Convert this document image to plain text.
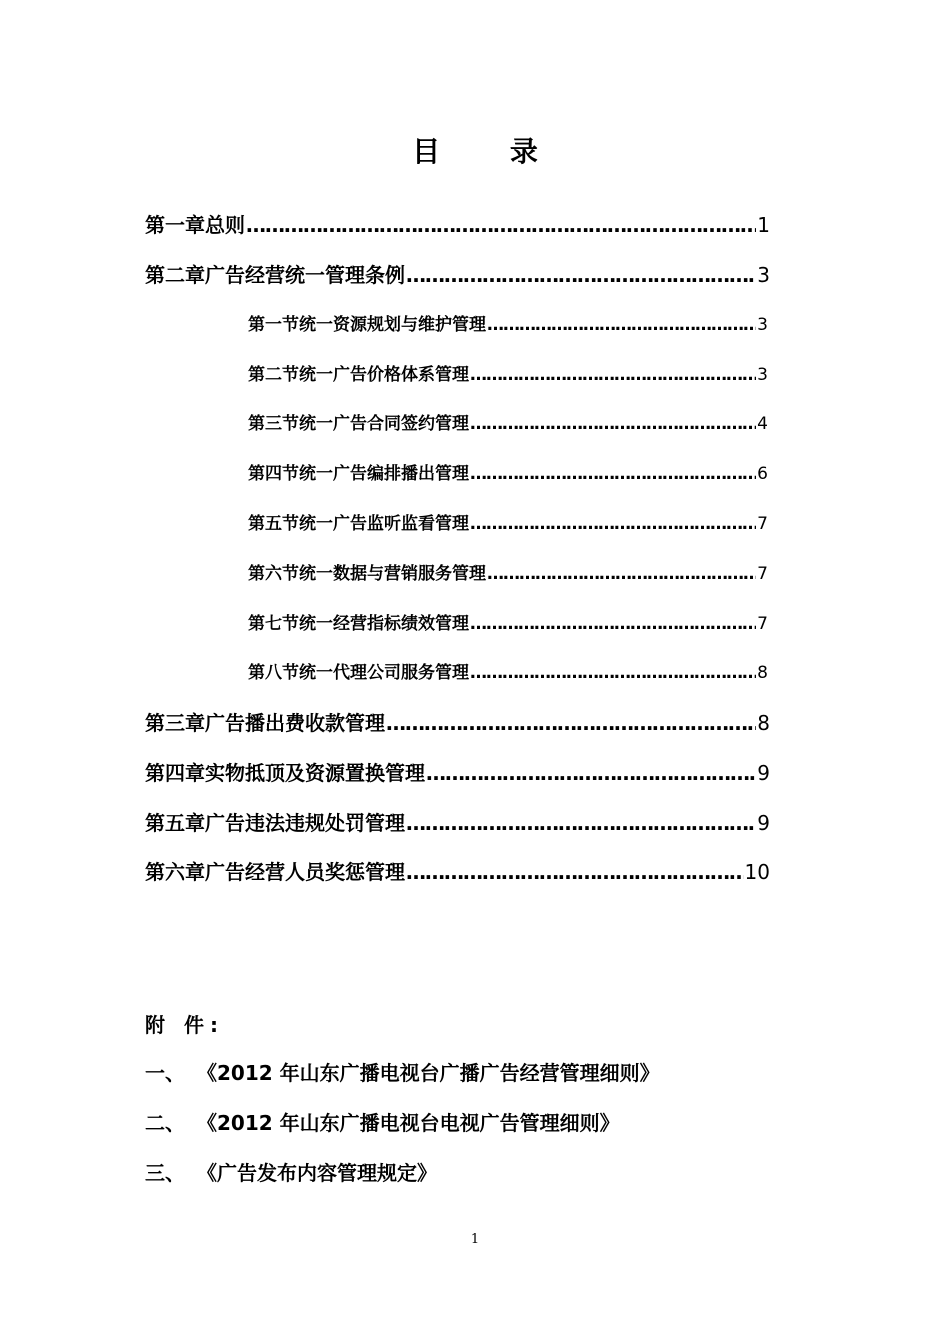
目 录
第一章 总则 ……………………………………………………………………………………………………………………	1
第二章 广告经营统一管理条例 ……………………………………………………………………………………………………………………	3
第一节 统一资源规划与维护管理 ……………………………………………………………………………………………………………………	3
第二节 统一广告价格体系管理 ……………………………………………………………………………………………………………………	3
第三节 统一广告合同签约管理 ……………………………………………………………………………………………………………………	4
第四节 统一广告编排播出管理 ……………………………………………………………………………………………………………………	6
第五节 统一广告监听监看管理 ……………………………………………………………………………………………………………………	7
第六节 统一数据与营销服务管理 ……………………………………………………………………………………………………………………	7
第七节 统一经营指标绩效管理 ……………………………………………………………………………………………………………………	7
第八节 统一代理公司服务管理 ……………………………………………………………………………………………………………………	8
第三章 广告播出费收款管理 ……………………………………………………………………………………………………………………	8
第四章 实物抵顶及资源置换管理 ……………………………………………………………………………………………………………………	9
第五章 广告违法违规处罚管理 ……………………………………………………………………………………………………………………	9
第六章 广告经营人员奖惩管理 ……………………………………………………………………………………………………………………	10
附 件:
一、 《2012 年山东广播电视台广播广告经营管理细则》
二、 《2012 年山东广播电视台电视广告管理细则》
三、 《广告发布内容管理规定》
1
